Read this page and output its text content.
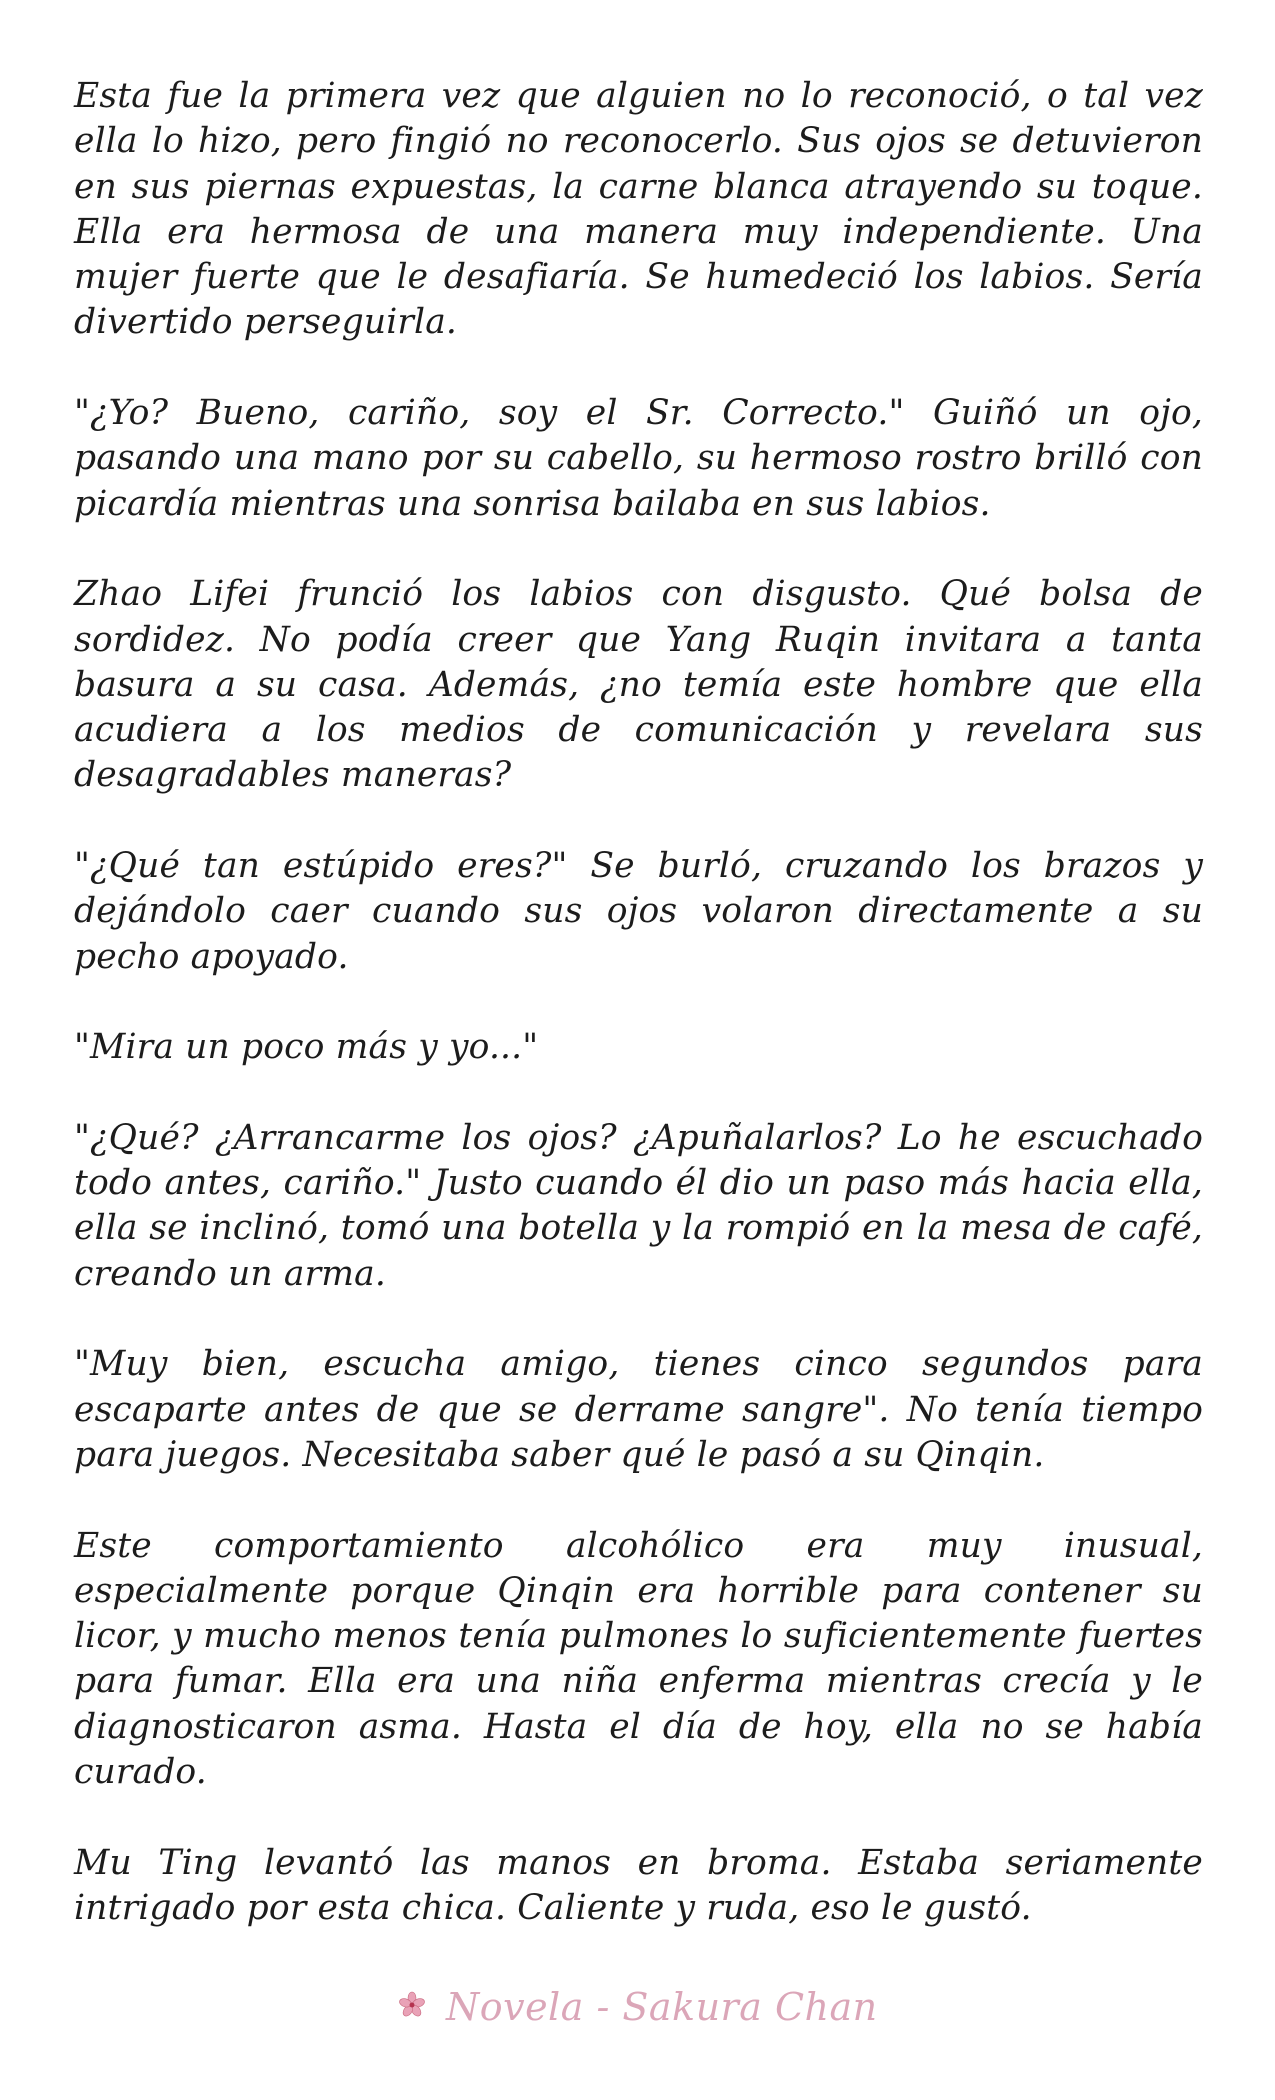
Esta fue la primera vez que alguien no lo reconoció, o tal vez ella lo hizo, pero fingió no reconocerlo. Sus ojos se detuvieron en sus piernas expuestas, la carne blanca atrayendo su toque. Ella era hermosa de una manera muy independiente. Una mujer fuerte que le desafiaría. Se humedeció los labios. Sería divertido perseguirla.

"¿Yo? Bueno, cariño, soy el Sr. Correcto." Guiñó un ojo, pasando una mano por su cabello, su hermoso rostro brilló con picardía mientras una sonrisa bailaba en sus labios.

Zhao Lifei frunció los labios con disgusto. Qué bolsa de sordidez. No podía creer que Yang Ruqin invitara a tanta basura a su casa. Además, ¿no temía este hombre que ella acudiera a los medios de comunicación y revelara sus desagradables maneras?

"¿Qué tan estúpido eres?" Se burló, cruzando los brazos y dejándolo caer cuando sus ojos volaron directamente a su pecho apoyado.

"Mira un poco más y yo..."

"¿Qué? ¿Arrancarme los ojos? ¿Apuñalarlos? Lo he escuchado todo antes, cariño." Justo cuando él dio un paso más hacia ella, ella se inclinó, tomó una botella y la rompió en la mesa de café, creando un arma.

"Muy bien, escucha amigo, tienes cinco segundos para escaparte antes de que se derrame sangre". No tenía tiempo para juegos. Necesitaba saber qué le pasó a su Qinqin.

Este comportamiento alcohólico era muy inusual, especialmente porque Qinqin era horrible para contener su licor, y mucho menos tenía pulmones lo suficientemente fuertes para fumar. Ella era una niña enferma mientras crecía y le diagnosticaron asma. Hasta el día de hoy, ella no se había curado.

Mu Ting levantó las manos en broma. Estaba seriamente intrigado por esta chica. Caliente y ruda, eso le gustó.

Novela - Sakura Chan
